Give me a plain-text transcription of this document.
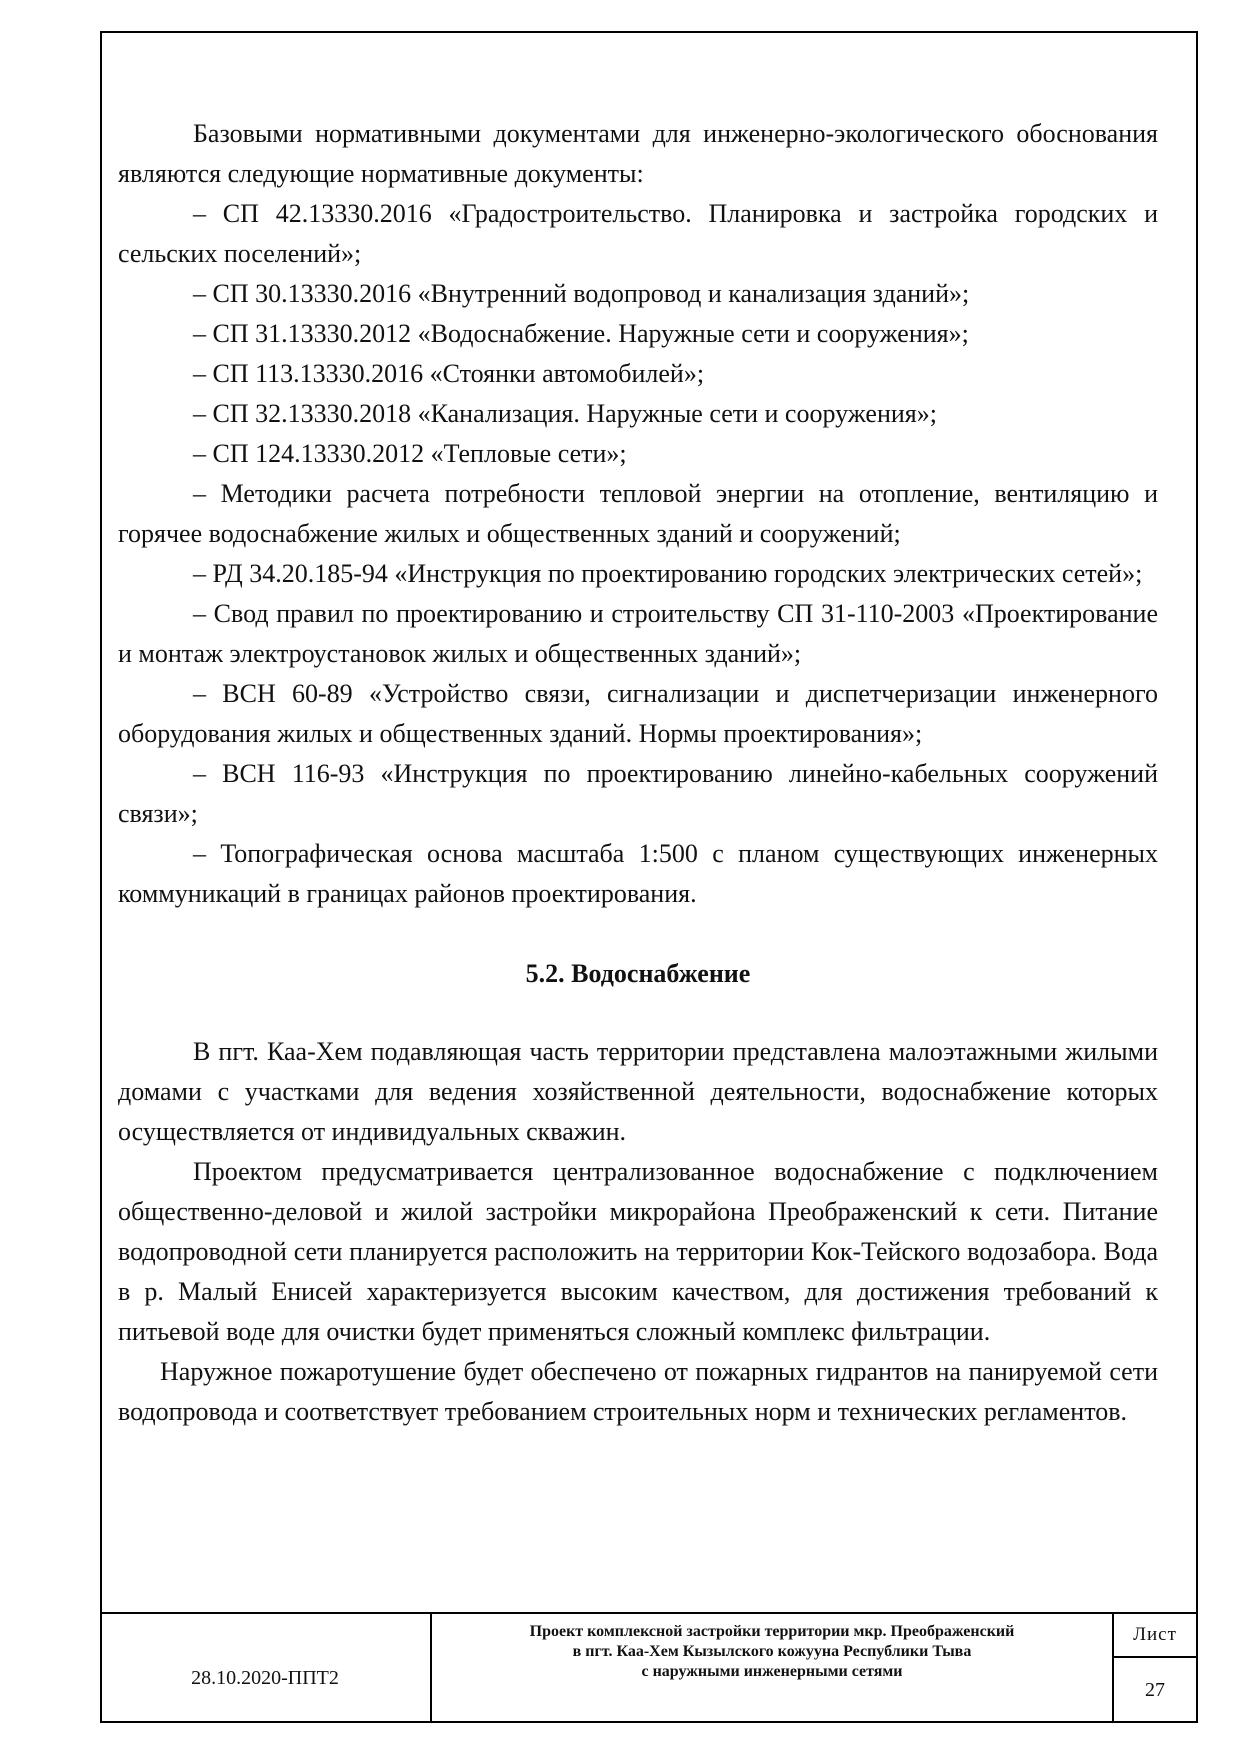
Базовыми нормативными документами для инженерно-экологического обоснования являются следующие нормативные документы:

– СП 42.13330.2016 «Градостроительство. Планировка и застройка городских и сельских поселений»;

– СП 30.13330.2016 «Внутренний водопровод и канализация зданий»;

– СП 31.13330.2012 «Водоснабжение. Наружные сети и сооружения»;

– СП 113.13330.2016 «Стоянки автомобилей»;

– СП 32.13330.2018 «Канализация. Наружные сети и сооружения»;

– СП 124.13330.2012 «Тепловые сети»;

– Методики расчета потребности тепловой энергии на отопление, вентиляцию и горячее водоснабжение жилых и общественных зданий и сооружений;

– РД 34.20.185-94 «Инструкция по проектированию городских электрических сетей»;

– Свод правил по проектированию и строительству СП 31-110-2003 «Проектирование и монтаж электроустановок жилых и общественных зданий»;

– ВСН 60-89 «Устройство связи, сигнализации и диспетчеризации инженерного оборудования жилых и общественных зданий. Нормы проектирования»;

– ВСН 116-93 «Инструкция по проектированию линейно-кабельных сооружений связи»;

– Топографическая основа масштаба 1:500 с планом существующих инженерных коммуникаций в границах районов проектирования.

5.2. Водоснабжение

В пгт. Каа-Хем подавляющая часть территории представлена малоэтажными жилыми домами с участками для ведения хозяйственной деятельности, водоснабжение которых осуществляется от индивидуальных скважин.

Проектом предусматривается централизованное водоснабжение с подключением общественно-деловой и жилой застройки микрорайона Преображенский к сети. Питание водопроводной сети планируется расположить на территории Кок-Тейского водозабора. Вода в р. Малый Енисей характеризуется высоким качеством, для достижения требований к питьевой воде для очистки будет применяться сложный комплекс фильтрации.

Наружное пожаротушение будет обеспечено от пожарных гидрантов на панируемой сети водопровода и соответствует требованием строительных норм и технических регламентов.

28.10.2020-ППТ2
Проект комплексной застройки территории мкр. Преображенский
в пгт. Каа-Хем Кызылского кожууна Республики Тыва
с наружными инженерными сетями
Лист
27
